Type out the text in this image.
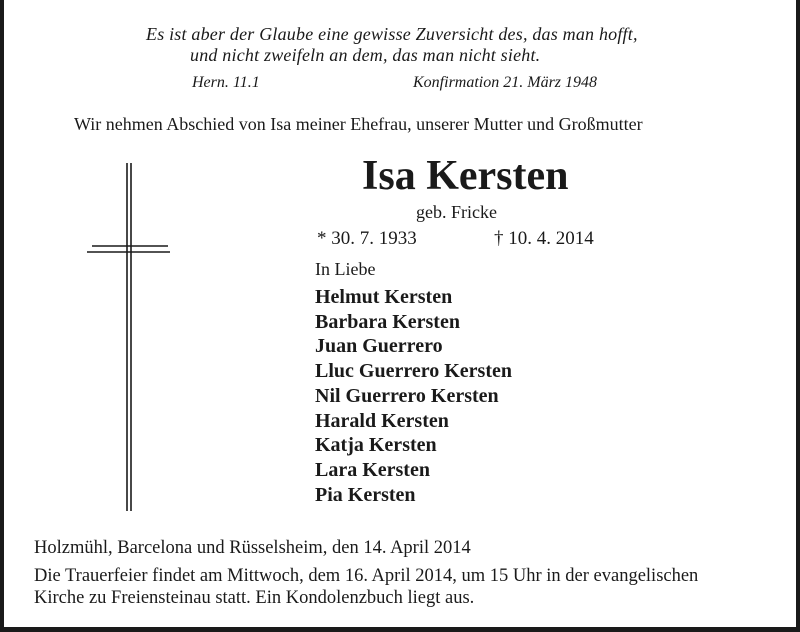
Es ist aber der Glaube eine gewisse Zuversicht des, das man hofft,
und nicht zweifeln an dem, das man nicht sieht.
Hern. 11.1	Konfirmation 21. März 1948
Wir nehmen Abschied von Isa meiner Ehefrau, unserer Mutter und Großmutter
Isa Kersten
geb. Fricke
* 30. 7. 1933	† 10. 4. 2014
In Liebe
Helmut Kersten
Barbara Kersten
Juan Guerrero
Lluc Guerrero Kersten
Nil Guerrero Kersten
Harald Kersten
Katja Kersten
Lara Kersten
Pia Kersten
Holzmühl, Barcelona und Rüsselsheim, den 14. April 2014
Die Trauerfeier findet am Mittwoch, dem 16. April 2014, um 15 Uhr in der evangelischen
Kirche zu Freiensteinau statt. Ein Kondolenzbuch liegt aus.
